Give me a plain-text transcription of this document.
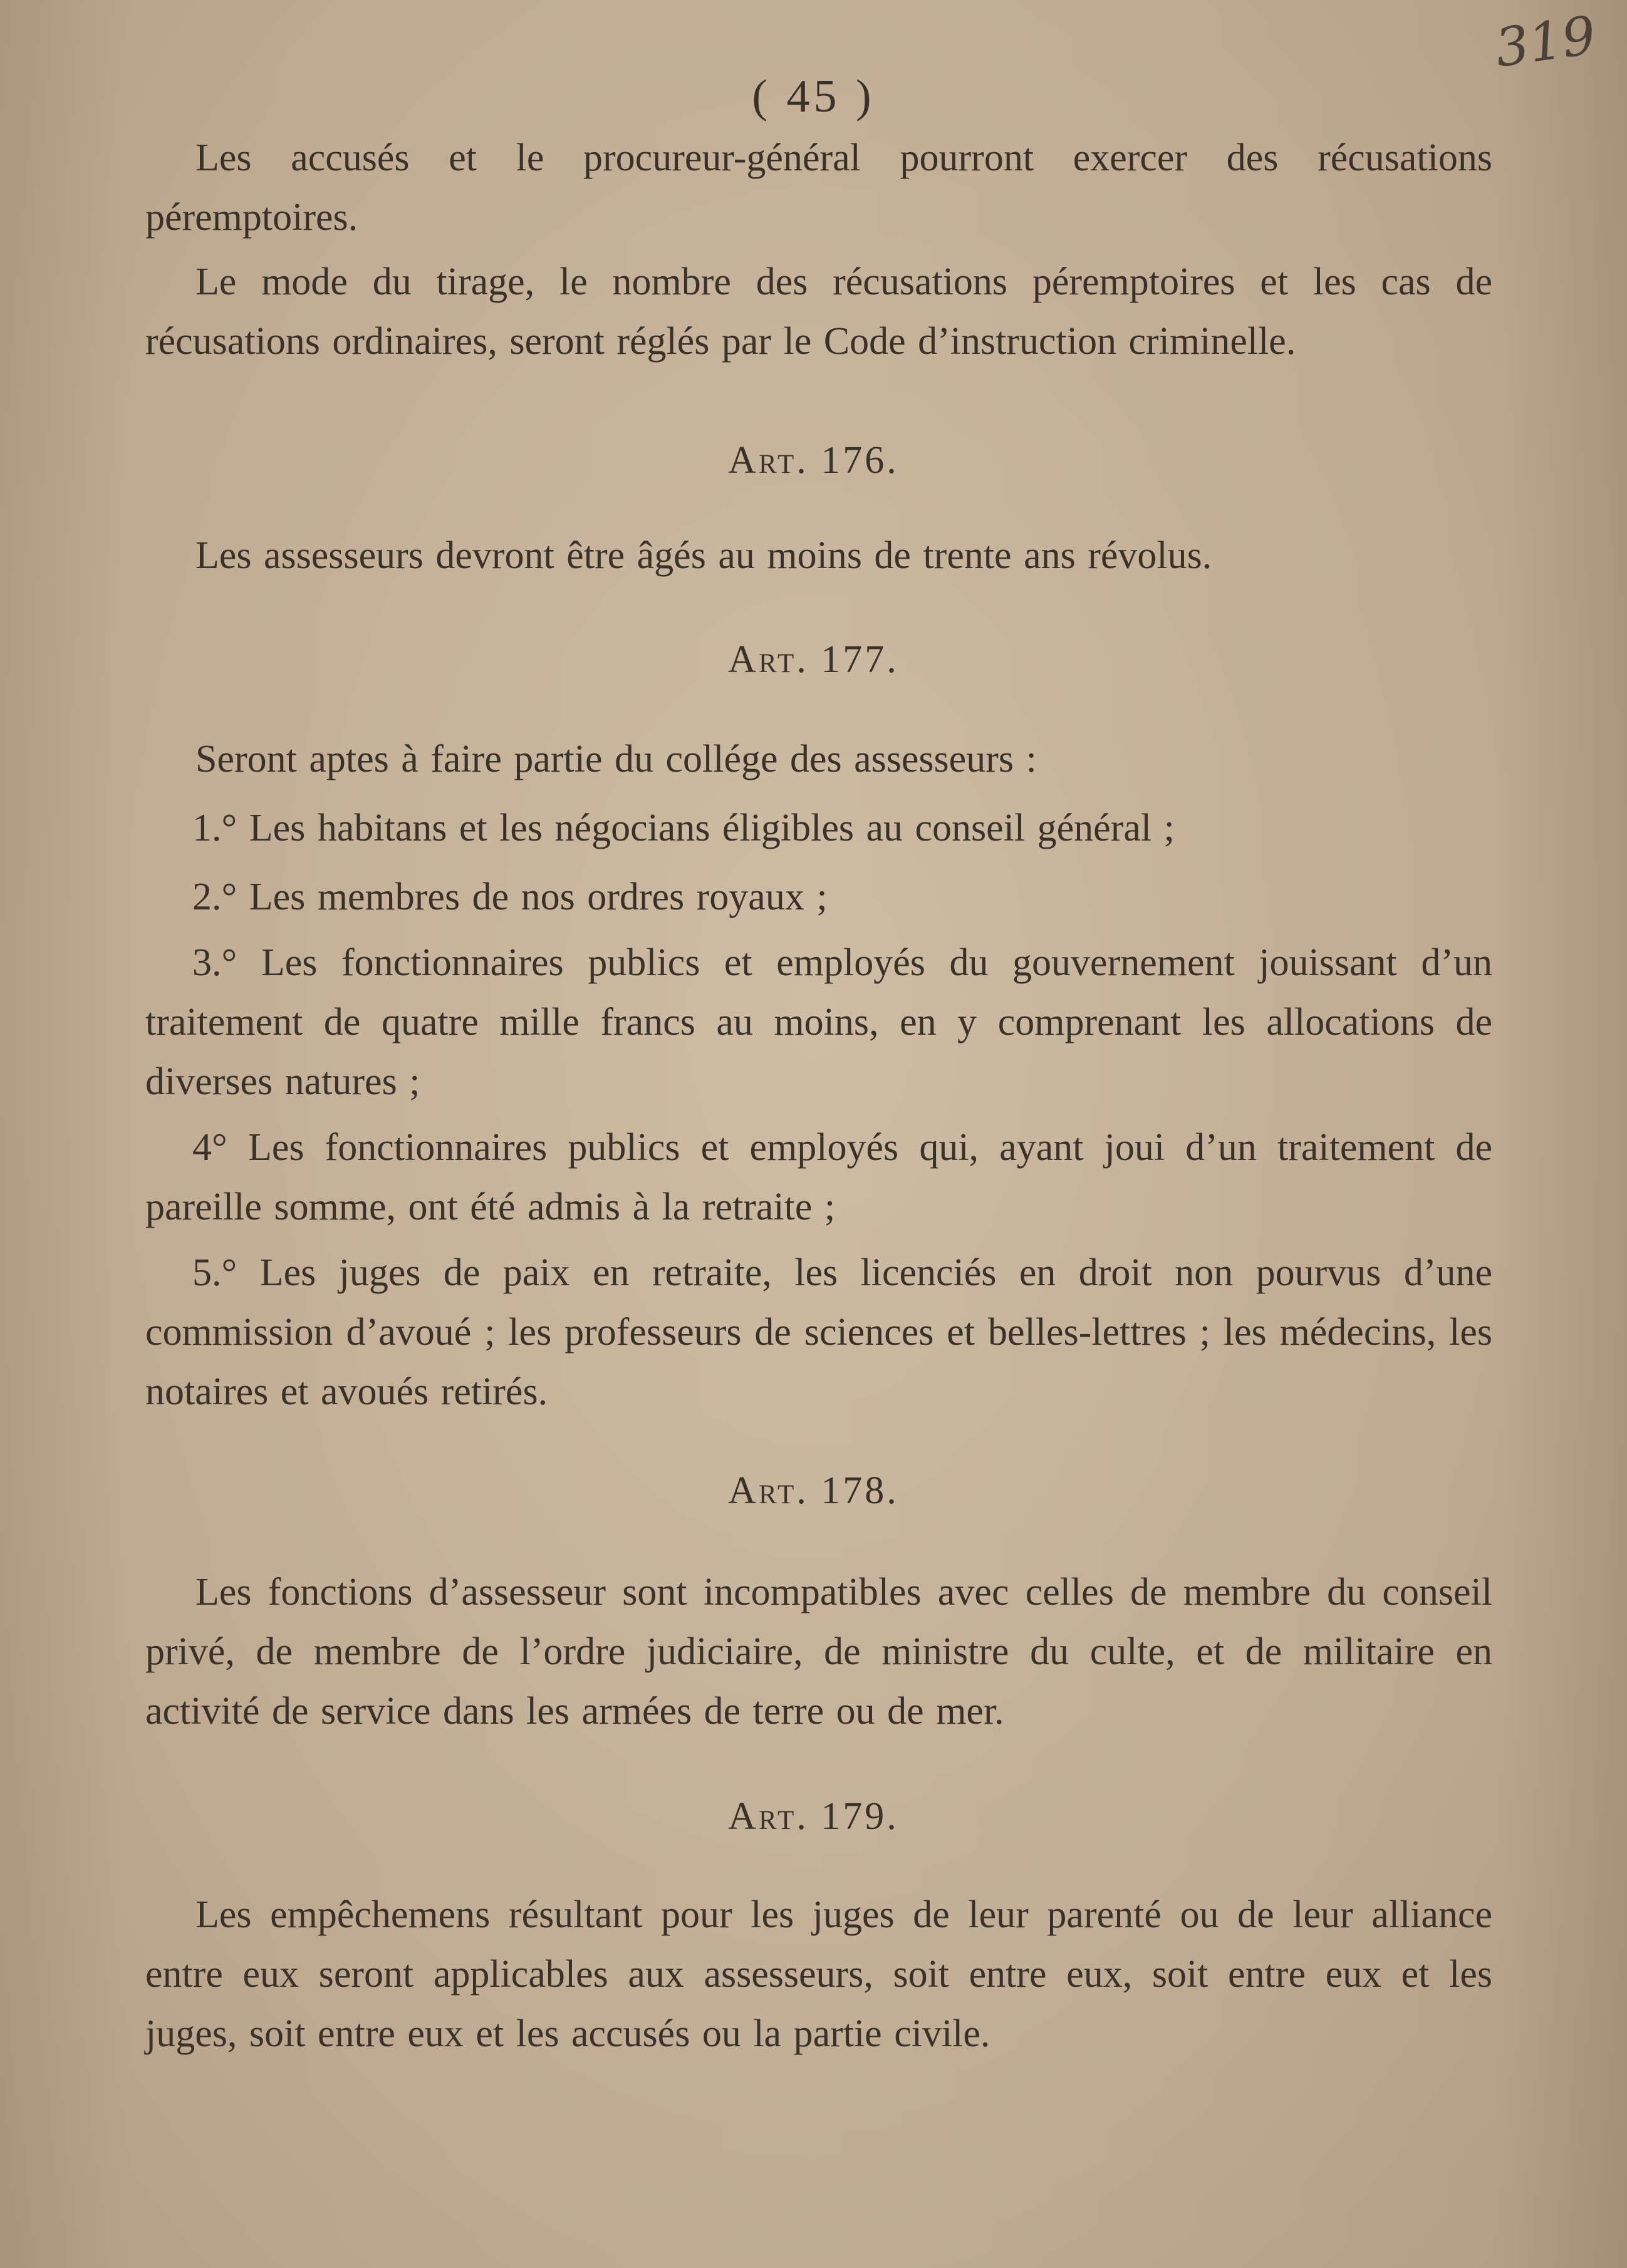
319
( 45 )
Les accusés et le procureur-général pourront exercer des récusations péremptoires.
Le mode du tirage, le nombre des récusations péremptoires et les cas de récusations ordinaires, seront réglés par le Code d’instruction criminelle.
Art. 176.
Les assesseurs devront être âgés au moins de trente ans révolus.
Art. 177.
Seront aptes à faire partie du collége des assesseurs :
1.° Les habitans et les négocians éligibles au conseil général ;
2.° Les membres de nos ordres royaux ;
3.° Les fonctionnaires publics et employés du gouvernement jouissant d’un traitement de quatre mille francs au moins, en y comprenant les allocations de diverses natures ;
4° Les fonctionnaires publics et employés qui, ayant joui d’un traitement de pareille somme, ont été admis à la retraite ;
5.° Les juges de paix en retraite, les licenciés en droit non pourvus d’une commission d’avoué ; les professeurs de sciences et belles-lettres ; les médecins, les notaires et avoués retirés.
Art. 178.
Les fonctions d’assesseur sont incompatibles avec celles de membre du conseil privé, de membre de l’ordre judiciaire, de ministre du culte, et de militaire en activité de service dans les armées de terre ou de mer.
Art. 179.
Les empêchemens résultant pour les juges de leur parenté ou de leur alliance entre eux seront applicables aux assesseurs, soit entre eux, soit entre eux et les juges, soit entre eux et les accusés ou la partie civile.
